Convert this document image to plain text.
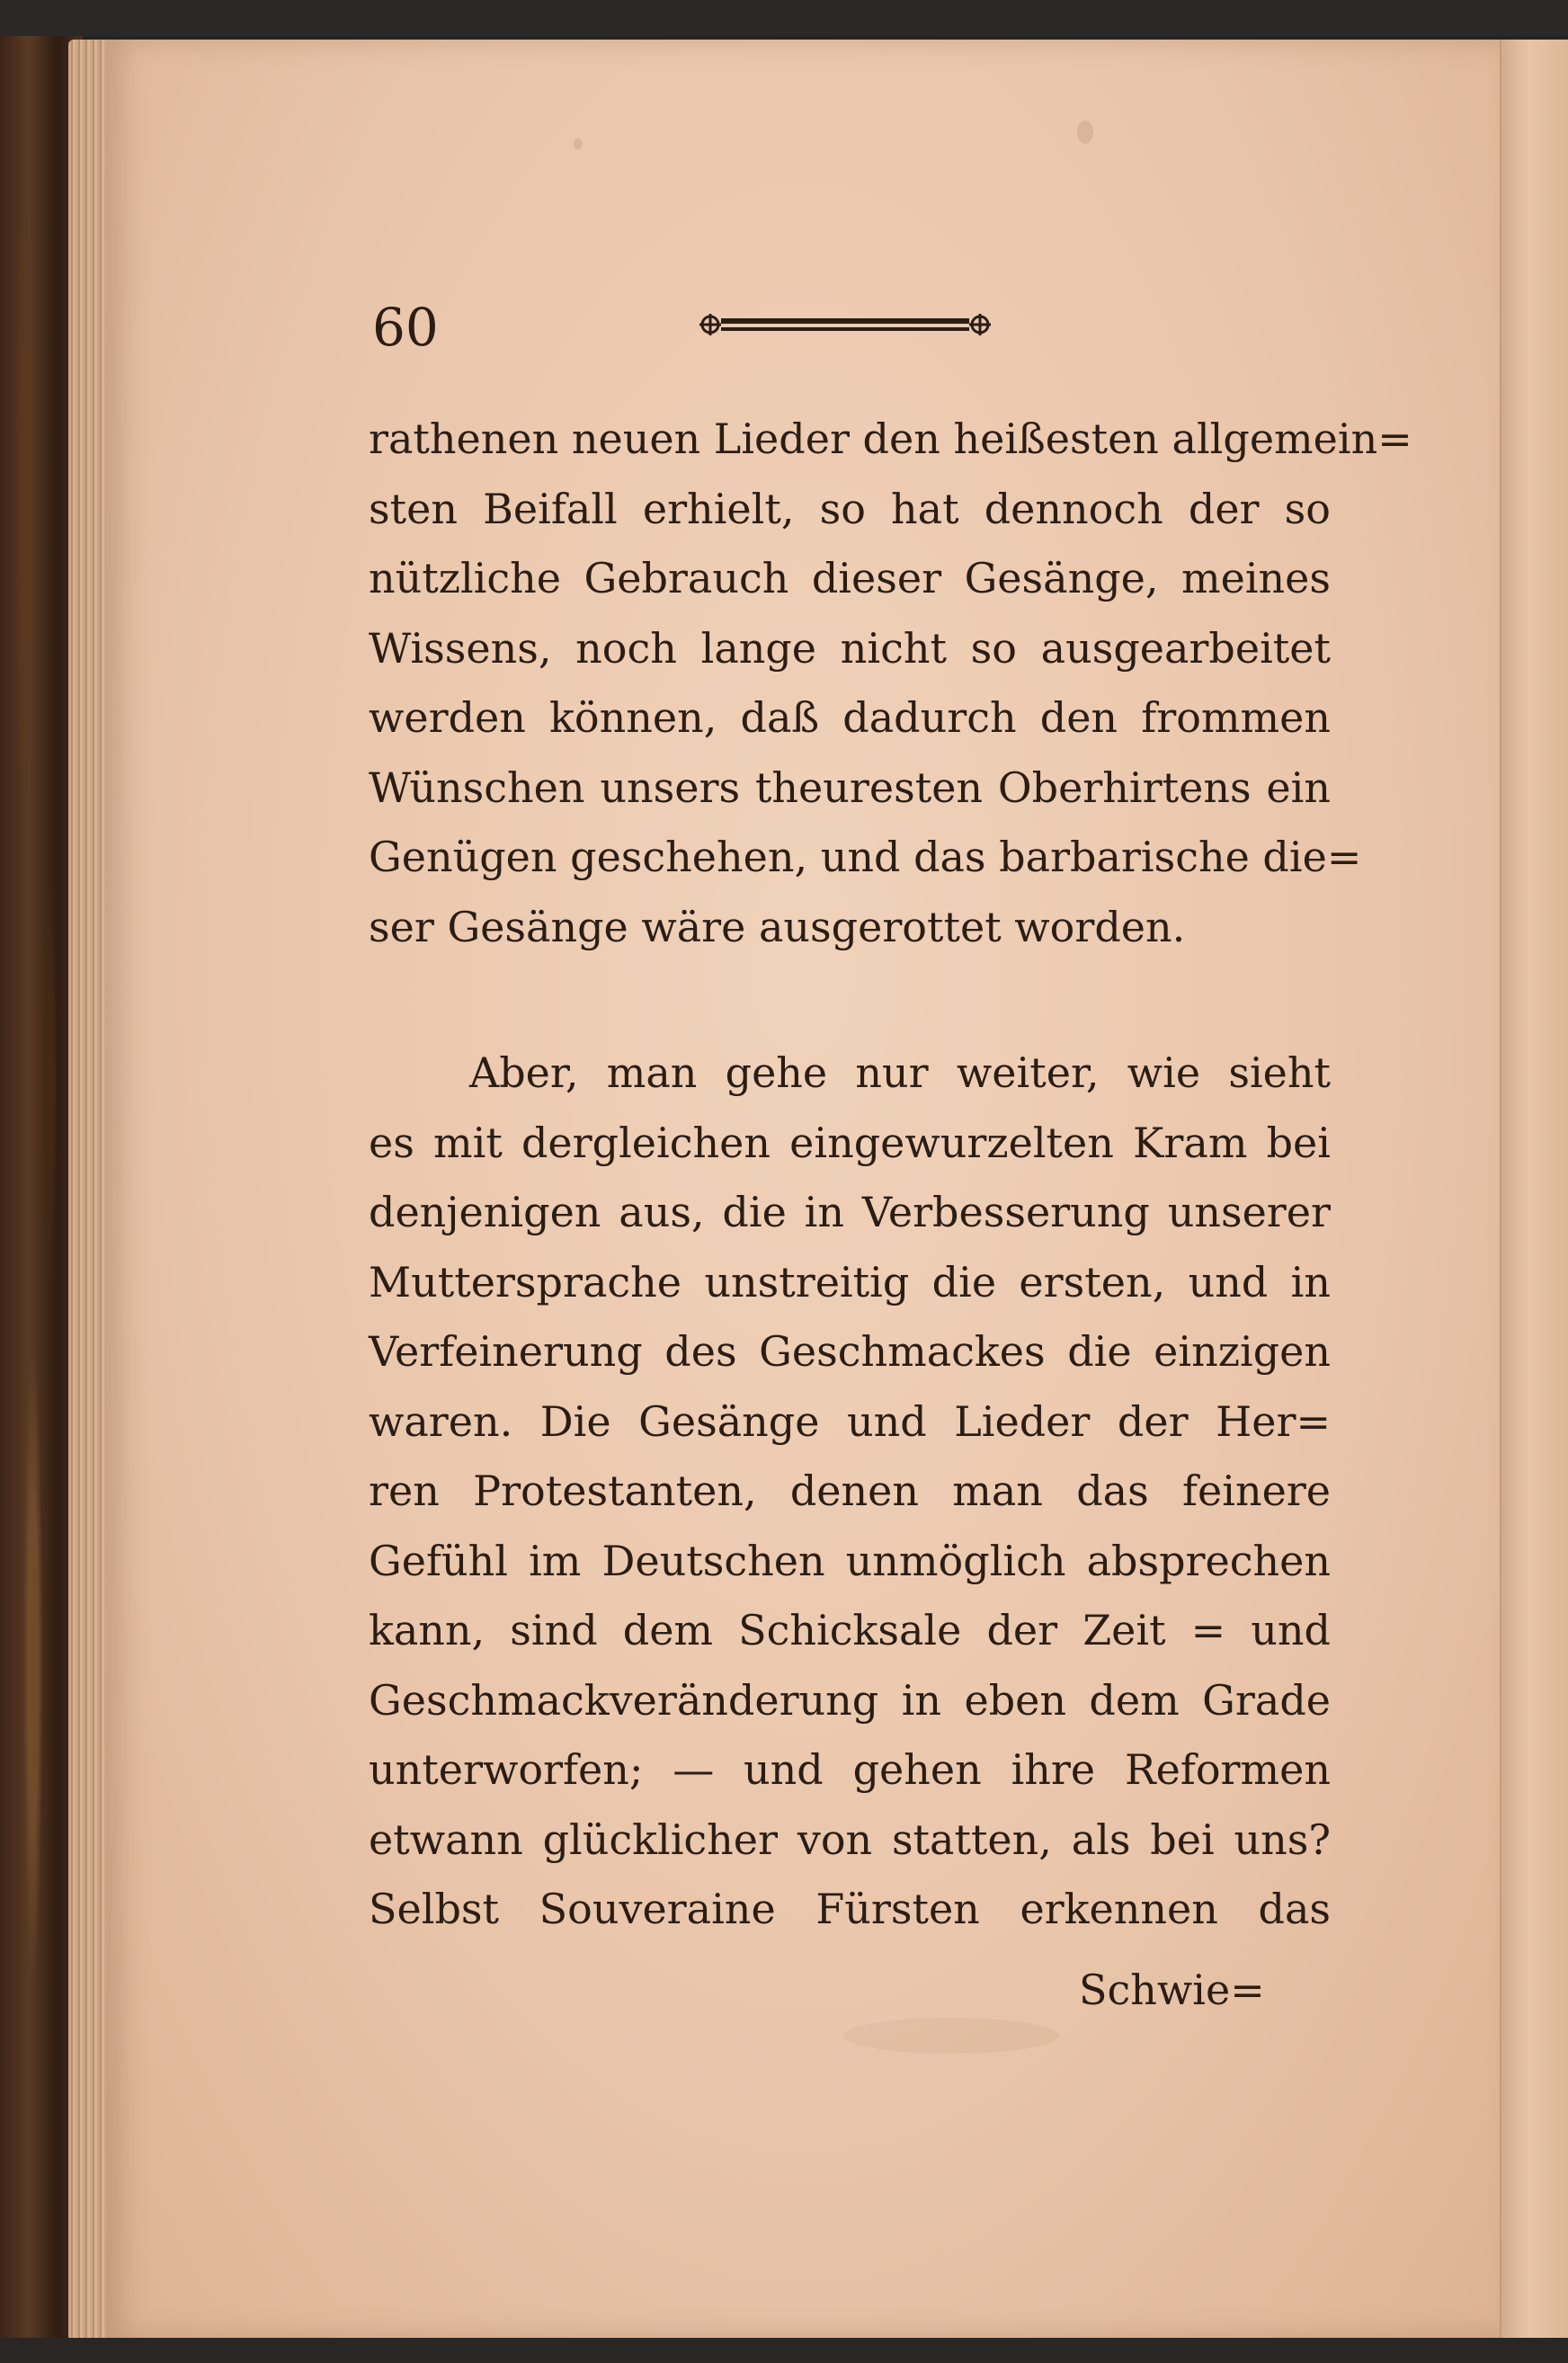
60
rathenen neuen Lieder den heißesten allgemein=
sten Beifall erhielt, so hat dennoch der so
nützliche Gebrauch dieser Gesänge, meines
Wissens, noch lange nicht so ausgearbeitet
werden können, daß dadurch den frommen
Wünschen unsers theuresten Oberhirtens ein
Genügen geschehen, und das barbarische die=
ser Gesänge wäre ausgerottet worden.
Aber, man gehe nur weiter, wie sieht
es mit dergleichen eingewurzelten Kram bei
denjenigen aus, die in Verbesserung unserer
Muttersprache unstreitig die ersten, und in
Verfeinerung des Geschmackes die einzigen
waren. Die Gesänge und Lieder der Her=
ren Protestanten, denen man das feinere
Gefühl im Deutschen unmöglich absprechen
kann, sind dem Schicksale der Zeit = und
Geschmackveränderung in eben dem Grade
unterworfen; — und gehen ihre Reformen
etwann glücklicher von statten, als bei uns?
Selbst Souveraine Fürsten erkennen das
Schwie=
